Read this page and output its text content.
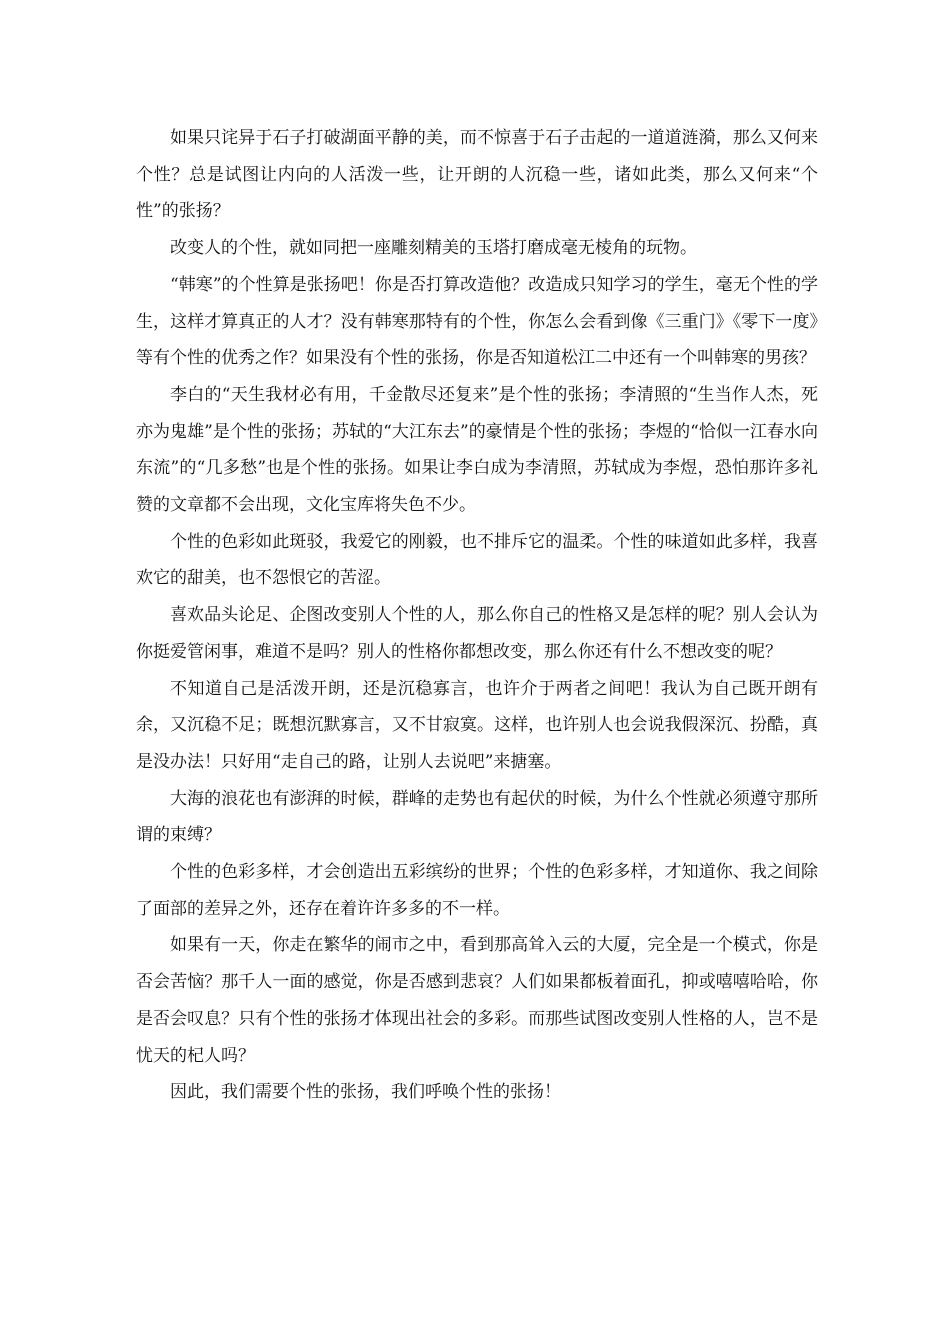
如果只诧异于石子打破湖面平静的美，而不惊喜于石子击起的一道道涟漪，那么又何来个性？总是试图让内向的人活泼一些，让开朗的人沉稳一些，诸如此类，那么又何来“个性”的张扬？

改变人的个性，就如同把一座雕刻精美的玉塔打磨成毫无棱角的玩物。

“韩寒”的个性算是张扬吧！你是否打算改造他？改造成只知学习的学生，毫无个性的学生，这样才算真正的人才？没有韩寒那特有的个性，你怎么会看到像《三重门》《零下一度》等有个性的优秀之作？如果没有个性的张扬，你是否知道松江二中还有一个叫韩寒的男孩？

李白的“天生我材必有用，千金散尽还复来”是个性的张扬；李清照的“生当作人杰，死亦为鬼雄”是个性的张扬；苏轼的“大江东去”的豪情是个性的张扬；李煜的“恰似一江春水向东流”的“几多愁”也是个性的张扬。如果让李白成为李清照，苏轼成为李煜，恐怕那许多礼赞的文章都不会出现，文化宝库将失色不少。

个性的色彩如此斑驳，我爱它的刚毅，也不排斥它的温柔。个性的味道如此多样，我喜欢它的甜美，也不怨恨它的苦涩。

喜欢品头论足、企图改变别人个性的人，那么你自己的性格又是怎样的呢？别人会认为你挺爱管闲事，难道不是吗？别人的性格你都想改变，那么你还有什么不想改变的呢？

不知道自己是活泼开朗，还是沉稳寡言，也许介于两者之间吧！我认为自己既开朗有余，又沉稳不足；既想沉默寡言，又不甘寂寞。这样，也许别人也会说我假深沉、扮酷，真是没办法！只好用“走自己的路，让别人去说吧”来搪塞。

大海的浪花也有澎湃的时候，群峰的走势也有起伏的时候，为什么个性就必须遵守那所谓的束缚？

个性的色彩多样，才会创造出五彩缤纷的世界；个性的色彩多样，才知道你、我之间除了面部的差异之外，还存在着许许多多的不一样。

如果有一天，你走在繁华的闹市之中，看到那高耸入云的大厦，完全是一个模式，你是否会苦恼？那千人一面的感觉，你是否感到悲哀？人们如果都板着面孔，抑或嘻嘻哈哈，你是否会叹息？只有个性的张扬才体现出社会的多彩。而那些试图改变别人性格的人，岂不是忧天的杞人吗？

因此，我们需要个性的张扬，我们呼唤个性的张扬！
